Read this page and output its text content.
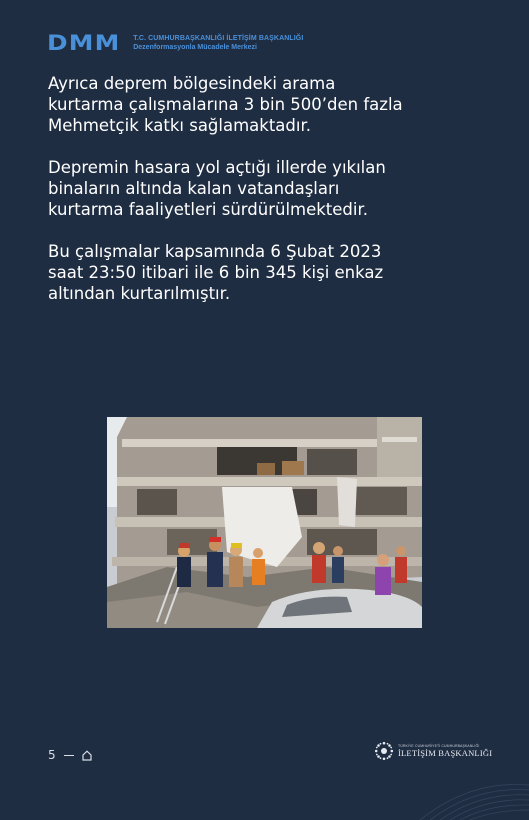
DMM T.C. CUMHURBAŞKANLIĞI İLETİŞİM BAŞKANLIĞI
Dezenformasyonla Mücadele Merkezi

Ayrıca deprem bölgesindeki arama
kurtarma çalışmalarına 3 bin 500’den fazla
Mehmetçik katkı sağlamaktadır.

Depremin hasara yol açtığı illerde yıkılan
binaların altında kalan vatandaşları
kurtarma faaliyetleri sürdürülmektedir.

Bu çalışmalar kapsamında 6 Şubat 2023
saat 23:50 itibari ile 6 bin 345 kişi enkaz
altından kurtarılmıştır.

5
TÜRKİYE CUMHURİYETİ CUMHURBAŞKANLIĞI
İLETİŞİM BAŞKANLIĞI
